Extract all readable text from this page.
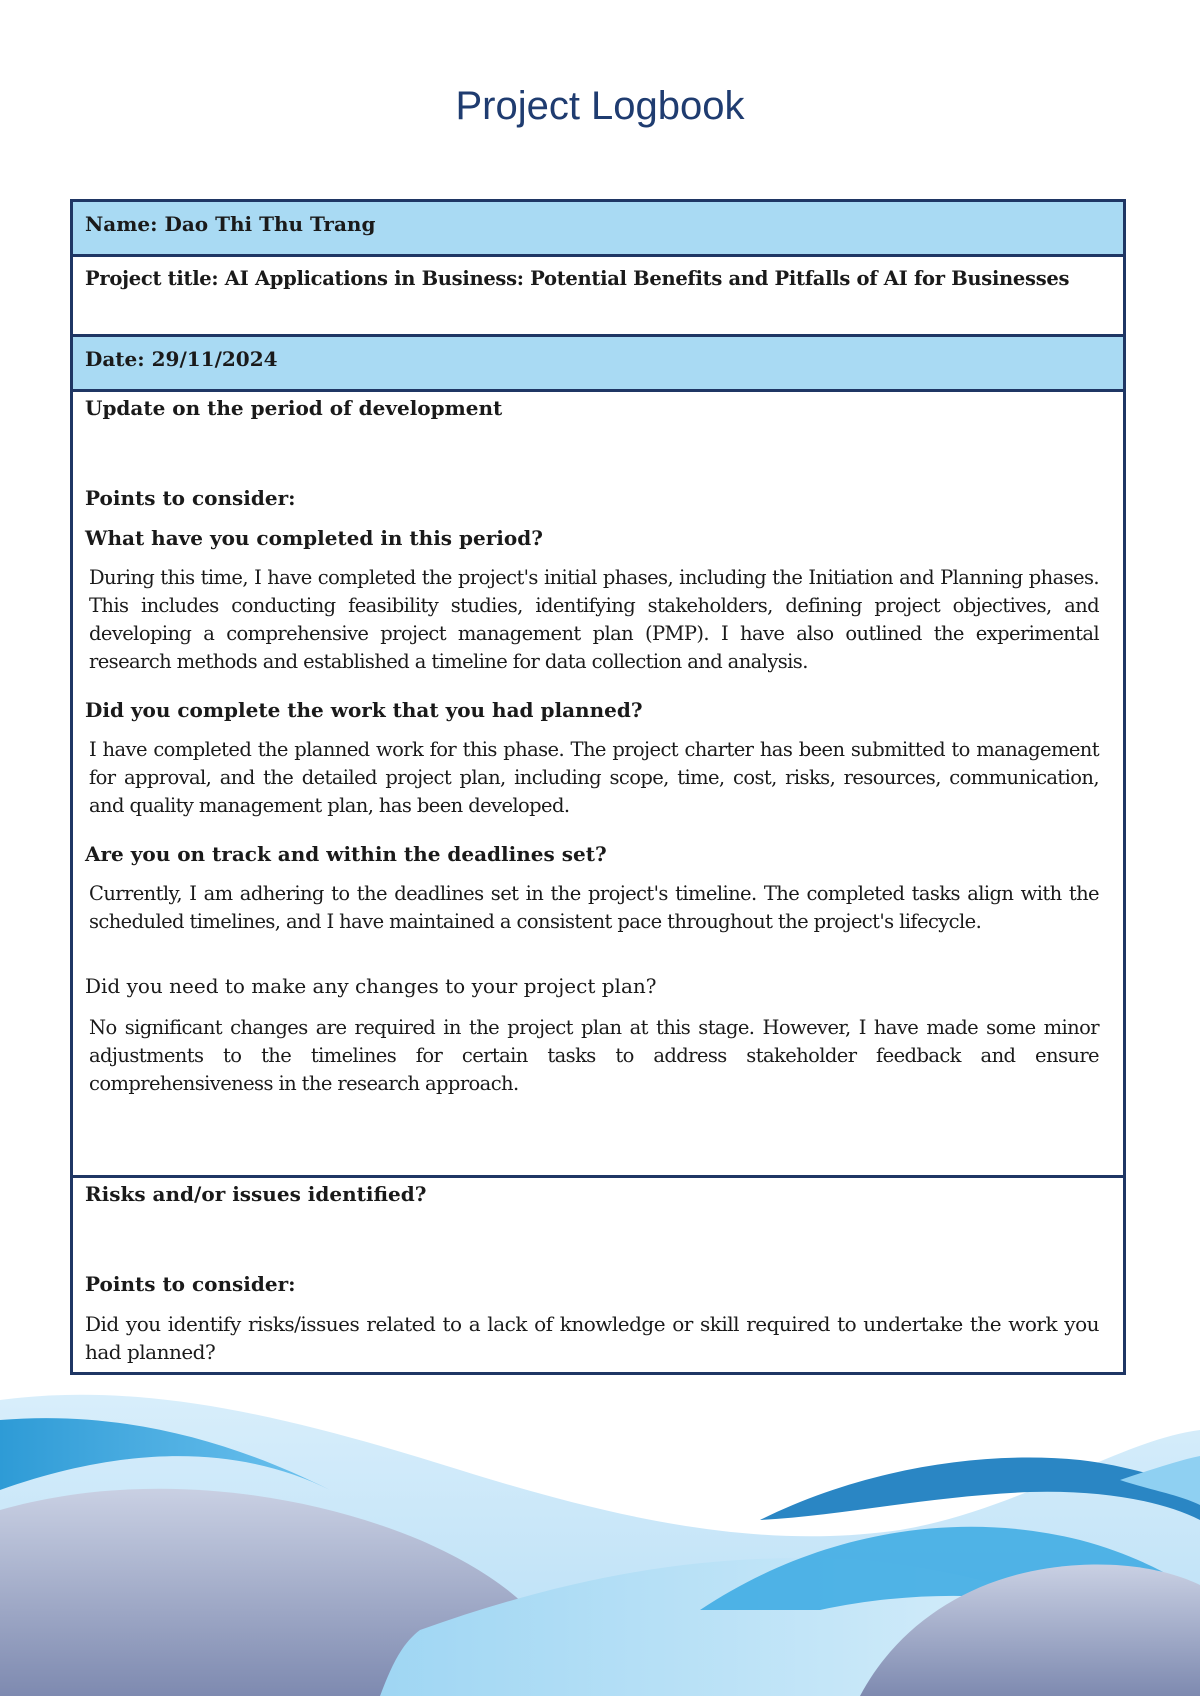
Project Logbook

Name: Dao Thi Thu Trang

Project title: AI Applications in Business: Potential Benefits and Pitfalls of AI for Businesses

Date: 29/11/2024

Update on the period of development

Points to consider:

What have you completed in this period?

During this time, I have completed the project's initial phases, including the Initiation and Planning phases. This includes conducting feasibility studies, identifying stakeholders, defining project objectives, and developing a comprehensive project management plan (PMP). I have also outlined the experimental research methods and established a timeline for data collection and analysis.

Did you complete the work that you had planned?

I have completed the planned work for this phase. The project charter has been submitted to management for approval, and the detailed project plan, including scope, time, cost, risks, resources, communication, and quality management plan, has been developed.

Are you on track and within the deadlines set?

Currently, I am adhering to the deadlines set in the project's timeline. The completed tasks align with the scheduled timelines, and I have maintained a consistent pace throughout the project's lifecycle.

Did you need to make any changes to your project plan?

No significant changes are required in the project plan at this stage. However, I have made some minor adjustments to the timelines for certain tasks to address stakeholder feedback and ensure comprehensiveness in the research approach.

Risks and/or issues identified?

Points to consider:

Did you identify risks/issues related to a lack of knowledge or skill required to undertake the work you had planned?
